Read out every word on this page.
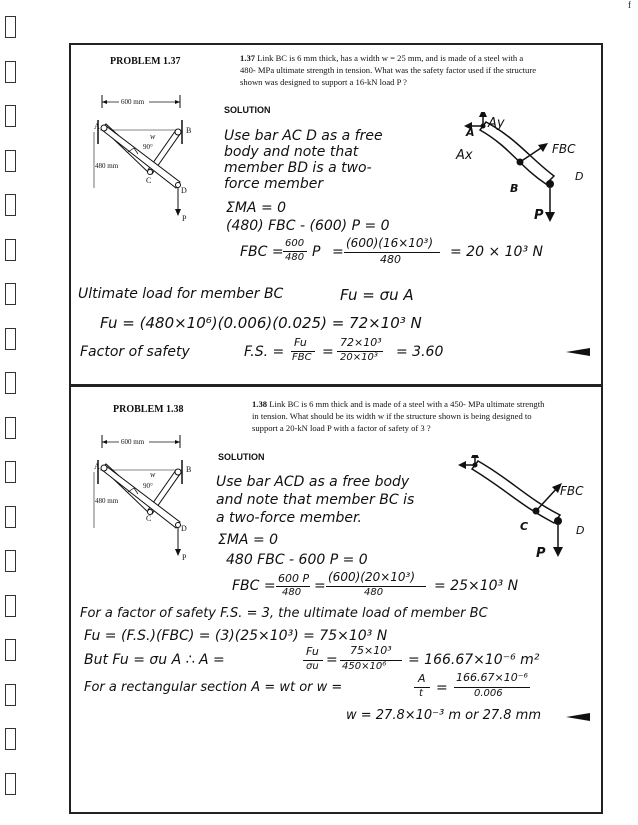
f
PROBLEM 1.37	1.37 Link BC is 6 mm thick, has a width w = 25 mm, and is made of a steel with a
480- MPa ultimate strength in tension. What was the safety factor used if the structure
shown was designed to support a 16-kN load P ?
600 mm
480 mm
90°
A	B
C
D
P
w
SOLUTION
A
Ay
Ax	FBC
B
D
P
Use bar AC D as a free
body and note that
member BD is a two-
force member
ΣMA = 0
(480) FBC - (600) P = 0
FBC =
600
480 P =
(600)(16×10³)
480	= 20 × 10³ N
Ultimate load for member BC	Fu = σu A
Fu = (480×10⁶)(0.006)(0.025) = 72×10³ N
Factor of safety	F.S. =
Fu
FBC =
72×10³
20×10³ = 3.60
PROBLEM 1.38	1.38 Link BC is 6 mm thick and is made of a steel with a 450- MPa ultimate strength
in tension. What should be its width w if the structure shown is being designed to
support a 20-kN load P with a factor of safety of 3 ?
600 mm
480 mm
90°
A	B
C
D
P
w
SOLUTION
FBC
C	D
P
Use bar ACD as a free body
and note that member BC is
a two-force member.
ΣMA = 0
480 FBC - 600 P = 0
FBC = 600 P
480 =
(600)(20×10³)
480	= 25×10³ N
For a factor of safety F.S. = 3, the ultimate load of member BC
Fu = (F.S.)(FBC) = (3)(25×10³) = 75×10³ N
But Fu = σu A ∴ A =
Fu
σu =
75×10³
450×10⁶ = 166.67×10⁻⁶ m²
For a rectangular section A = wt or w =
A
t =
166.67×10⁻⁶
0.006
w = 27.8×10⁻³ m or 27.8 mm
